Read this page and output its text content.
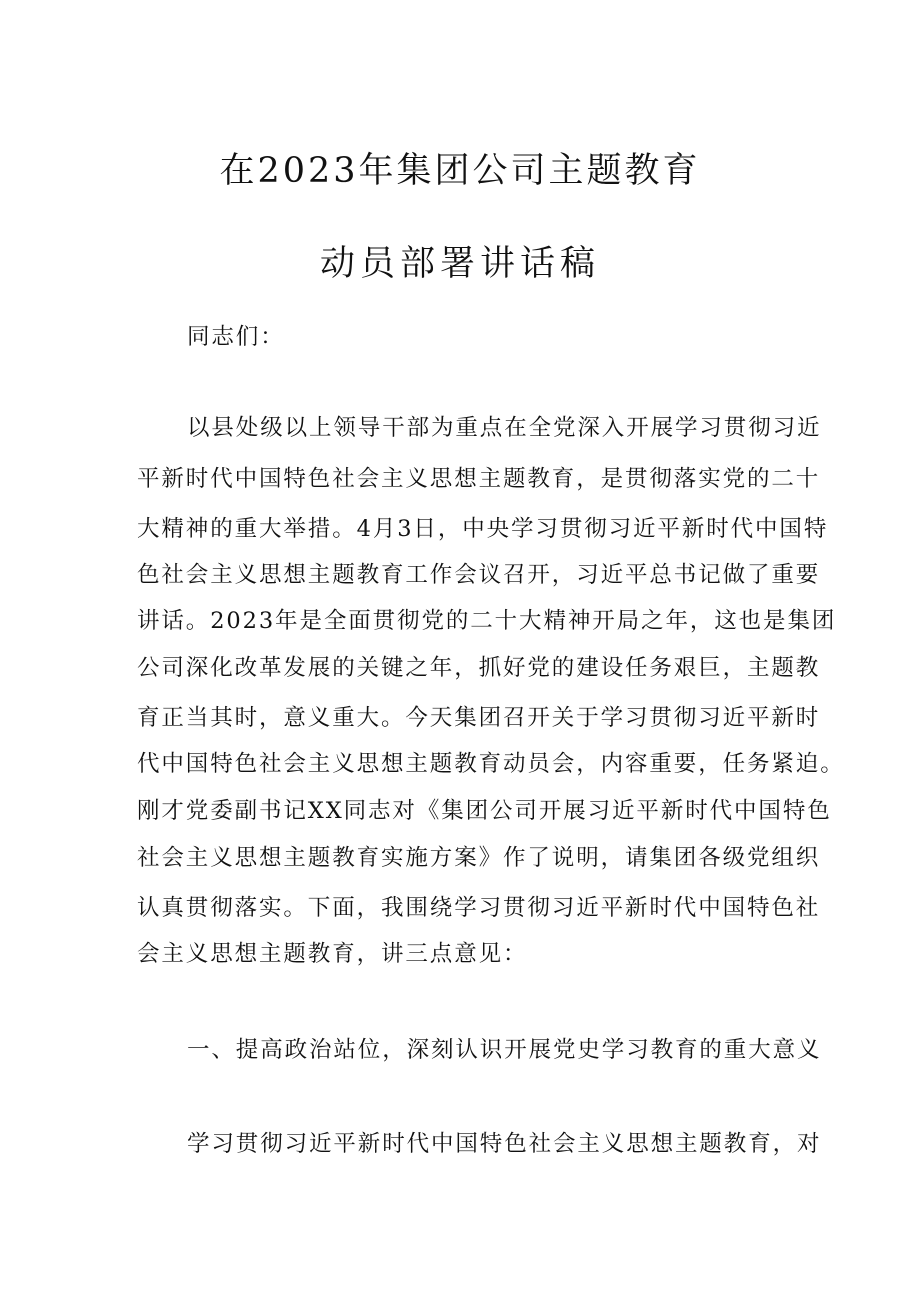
在2023年集团公司主题教育
动员部署讲话稿
同志们：
以县处级以上领导干部为重点在全党深入开展学习贯彻习近
平新时代中国特色社会主义思想主题教育，是贯彻落实党的二十
大精神的重大举措。4月3日，中央学习贯彻习近平新时代中国特
色社会主义思想主题教育工作会议召开，习近平总书记做了重要
讲话。2023年是全面贯彻党的二十大精神开局之年，这也是集团
公司深化改革发展的关键之年，抓好党的建设任务艰巨，主题教
育正当其时，意义重大。今天集团召开关于学习贯彻习近平新时
代中国特色社会主义思想主题教育动员会，内容重要，任务紧迫。
刚才党委副书记XX同志对《集团公司开展习近平新时代中国特色
社会主义思想主题教育实施方案》作了说明，请集团各级党组织
认真贯彻落实。下面，我围绕学习贯彻习近平新时代中国特色社
会主义思想主题教育，讲三点意见：
一、提高政治站位，深刻认识开展党史学习教育的重大意义
学习贯彻习近平新时代中国特色社会主义思想主题教育，对
